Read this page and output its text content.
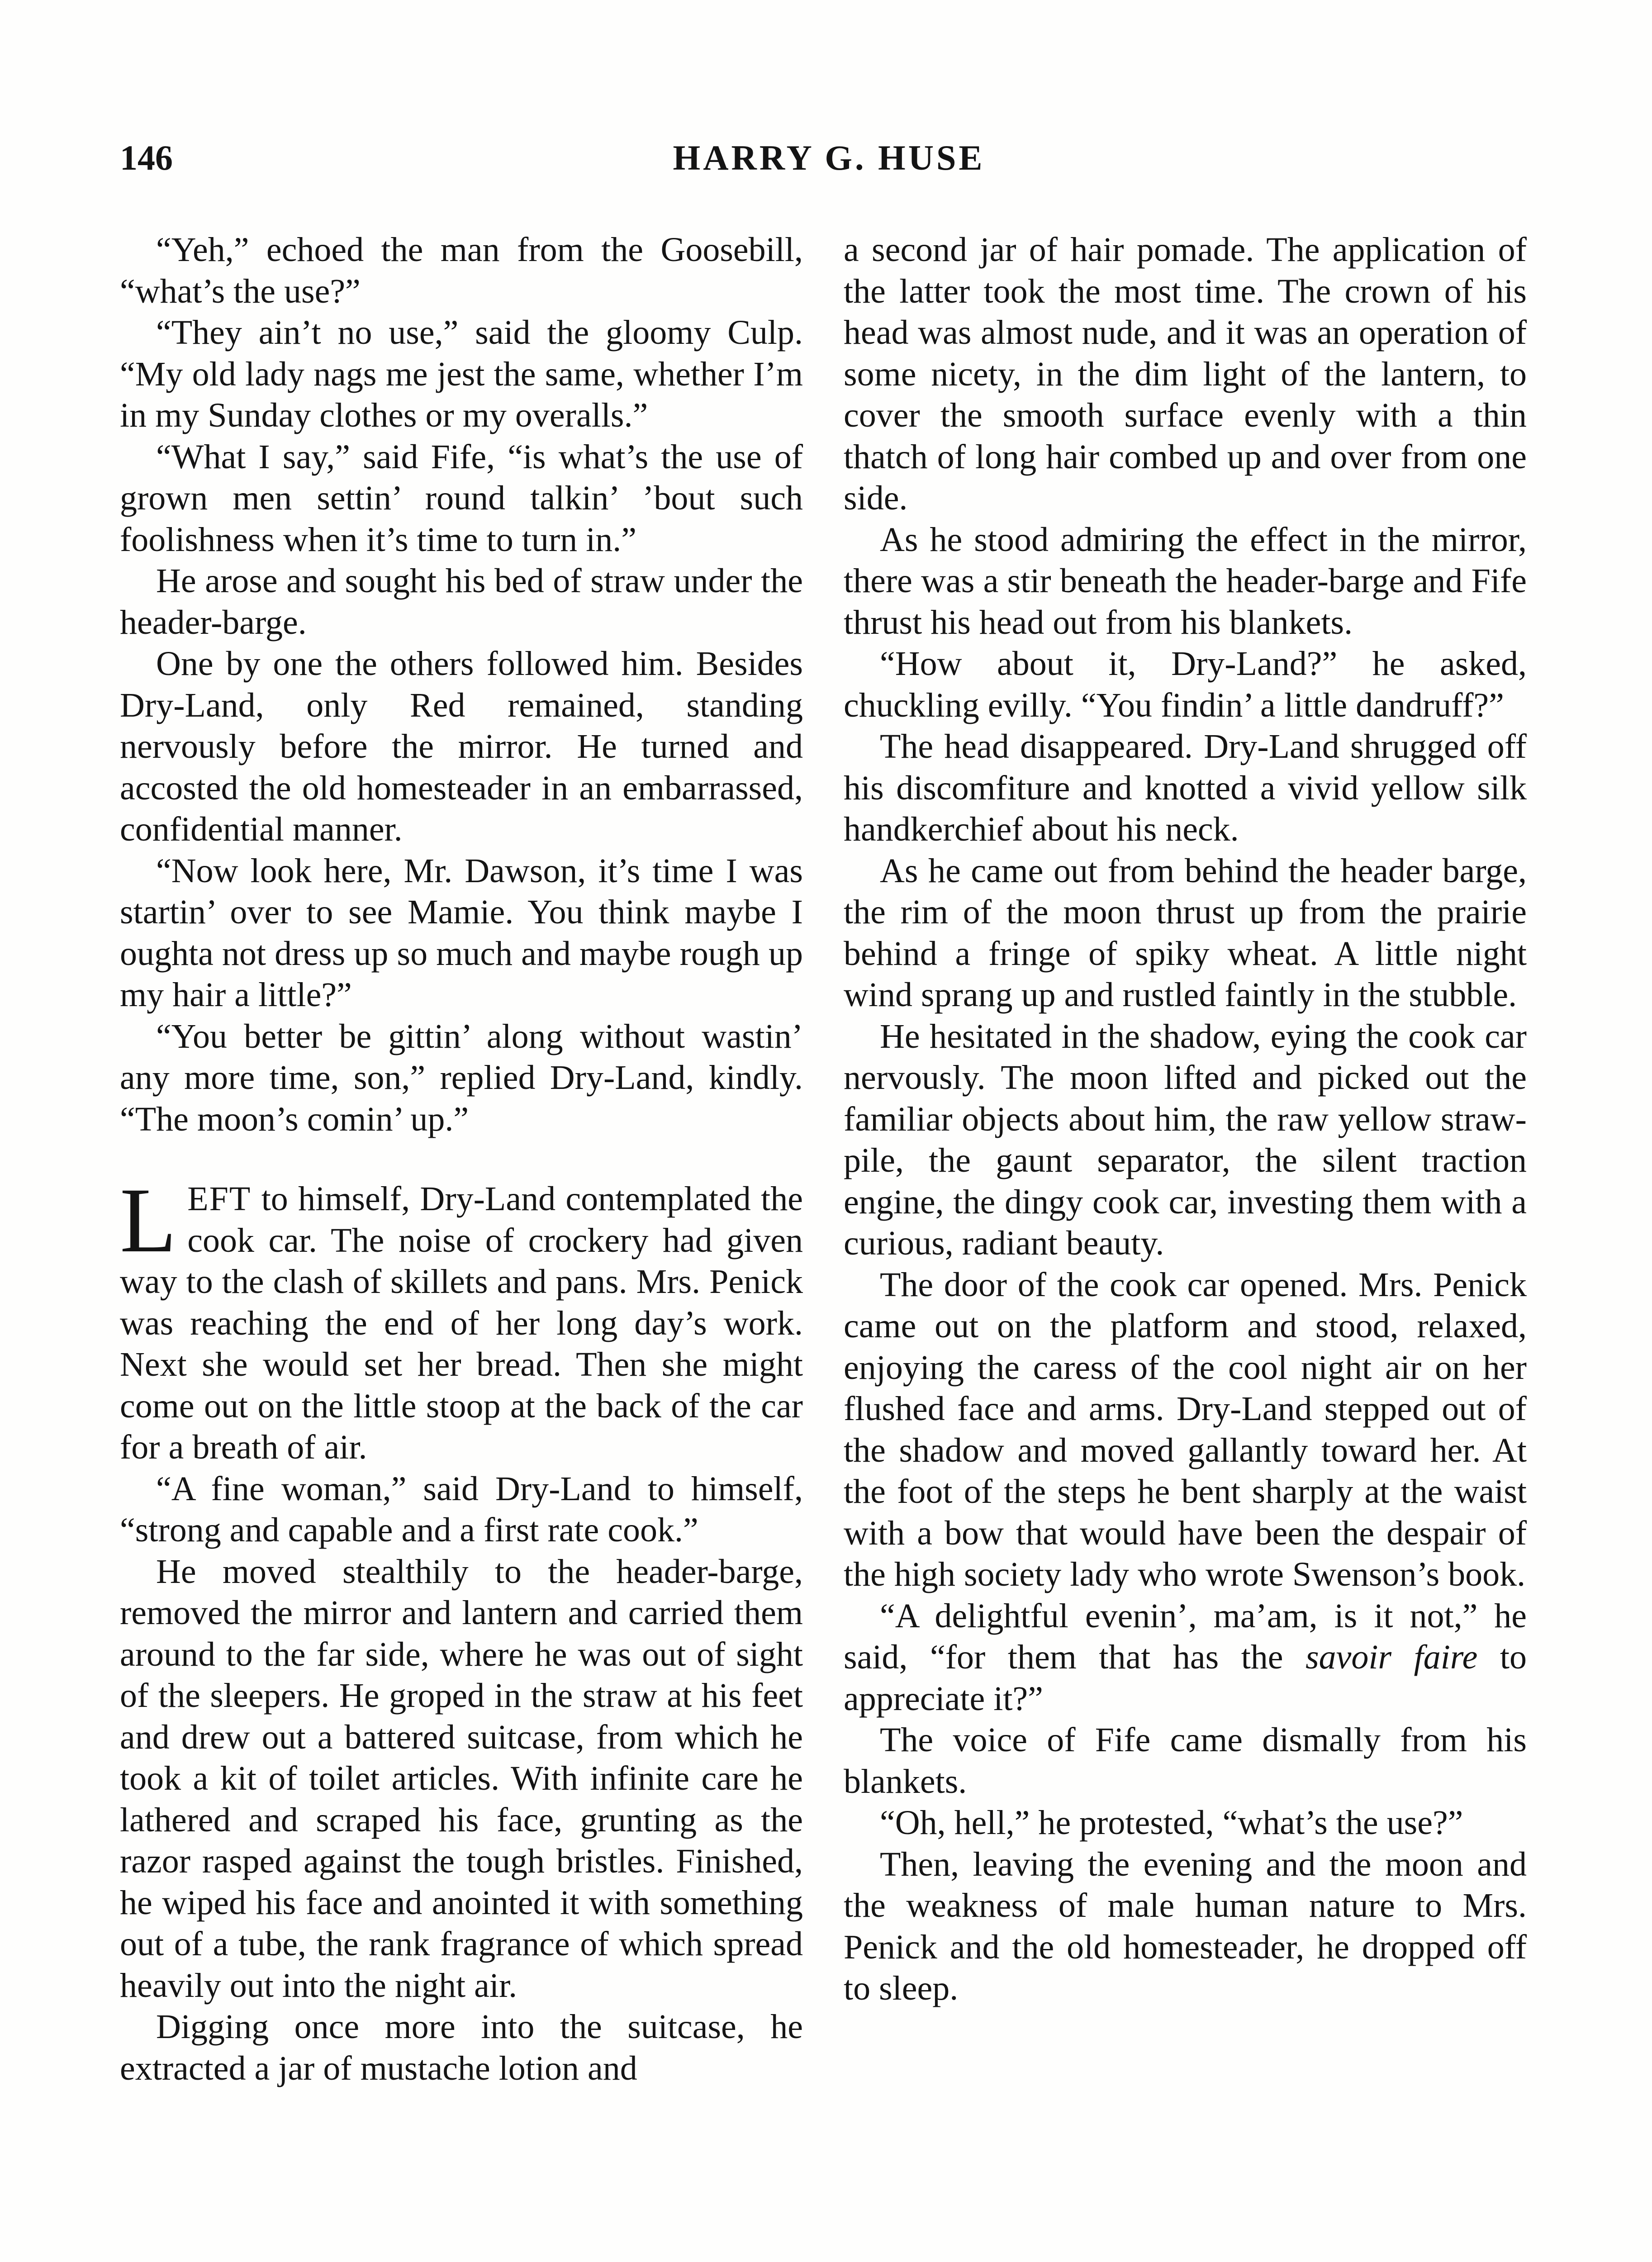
146	HARRY G. HUSE

“Yeh,” echoed the man from the Goosebill, “what’s the use?”

“They ain’t no use,” said the gloomy Culp. “My old lady nags me jest the same, whether I’m in my Sunday clothes or my overalls.”

“What I say,” said Fife, “is what’s the use of grown men settin’ round talkin’ ’bout such foolishness when it’s time to turn in.”

He arose and sought his bed of straw under the header-barge.

One by one the others followed him. Besides Dry-Land, only Red remained, standing nervously before the mirror. He turned and accosted the old homesteader in an embarrassed, confidential manner.

“Now look here, Mr. Dawson, it’s time I was startin’ over to see Mamie. You think maybe I oughta not dress up so much and maybe rough up my hair a little?”

“You better be gittin’ along without wastin’ any more time, son,” replied Dry-Land, kindly. “The moon’s comin’ up.”

LEFT to himself, Dry-Land contemplated the cook car. The noise of crockery had given way to the clash of skillets and pans. Mrs. Penick was reaching the end of her long day’s work. Next she would set her bread. Then she might come out on the little stoop at the back of the car for a breath of air.

“A fine woman,” said Dry-Land to himself, “strong and capable and a first rate cook.”

He moved stealthily to the header-barge, removed the mirror and lantern and carried them around to the far side, where he was out of sight of the sleepers. He groped in the straw at his feet and drew out a battered suitcase, from which he took a kit of toilet articles. With infinite care he lathered and scraped his face, grunting as the razor rasped against the tough bristles. Finished, he wiped his face and anointed it with something out of a tube, the rank fragrance of which spread heavily out into the night air.

Digging once more into the suitcase, he extracted a jar of mustache lotion and

a second jar of hair pomade. The application of the latter took the most time. The crown of his head was almost nude, and it was an operation of some nicety, in the dim light of the lantern, to cover the smooth surface evenly with a thin thatch of long hair combed up and over from one side.

As he stood admiring the effect in the mirror, there was a stir beneath the header-barge and Fife thrust his head out from his blankets.

“How about it, Dry-Land?” he asked, chuckling evilly. “You findin’ a little dandruff?”

The head disappeared. Dry-Land shrugged off his discomfiture and knotted a vivid yellow silk handkerchief about his neck.

As he came out from behind the header barge, the rim of the moon thrust up from the prairie behind a fringe of spiky wheat. A little night wind sprang up and rustled faintly in the stubble.

He hesitated in the shadow, eying the cook car nervously. The moon lifted and picked out the familiar objects about him, the raw yellow straw-pile, the gaunt separator, the silent traction engine, the dingy cook car, investing them with a curious, radiant beauty.

The door of the cook car opened. Mrs. Penick came out on the platform and stood, relaxed, enjoying the caress of the cool night air on her flushed face and arms. Dry-Land stepped out of the shadow and moved gallantly toward her. At the foot of the steps he bent sharply at the waist with a bow that would have been the despair of the high society lady who wrote Swenson’s book.

“A delightful evenin’, ma’am, is it not,” he said, “for them that has the savoir faire to appreciate it?”

The voice of Fife came dismally from his blankets.

“Oh, hell,” he protested, “what’s the use?”

Then, leaving the evening and the moon and the weakness of male human nature to Mrs. Penick and the old homesteader, he dropped off to sleep.
